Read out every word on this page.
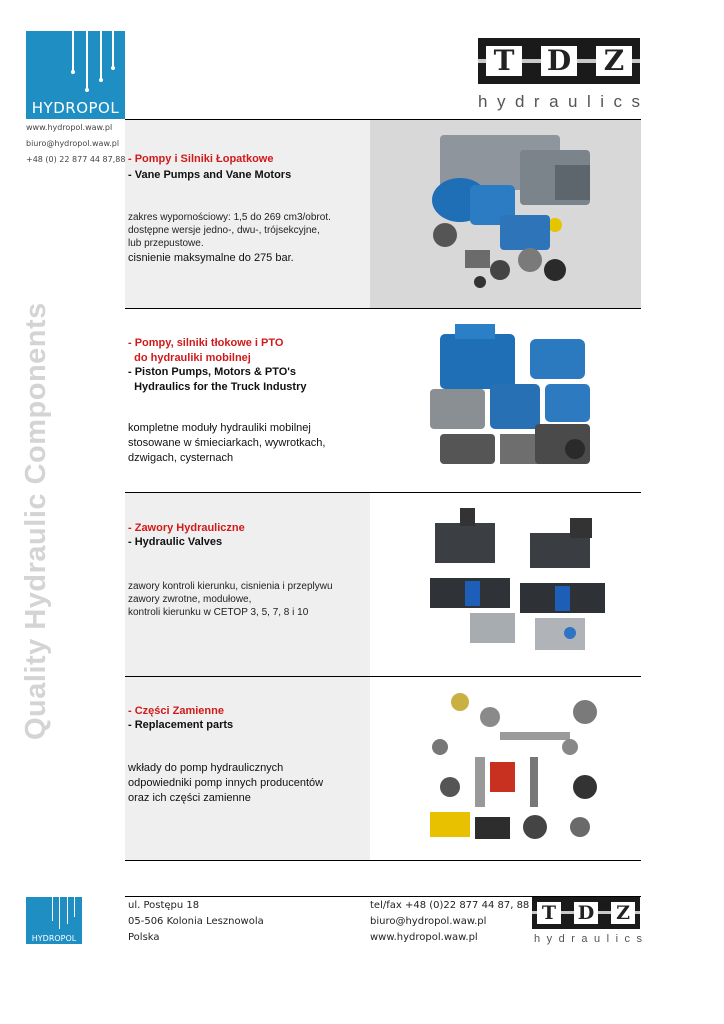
HYDROPOL
www.hydropol.waw.pl
biuro@hydropol.waw.pl
+48 (0) 22 877 44 87,88
T D Z
hydraulics
Quality Hydraulic Components
- Pompy i Silniki Łopatkowe
- Vane Pumps and Vane Motors
zakres wypornościowy: 1,5 do 269 cm3/obrot.
dostępne wersje jedno-, dwu-, trójsekcyjne,
lub przepustowe.
cisnienie maksymalne do 275 bar.
- Pompy, silniki tłokowe i PTO
do hydrauliki mobilnej
- Piston Pumps, Motors & PTO's
Hydraulics for the Truck Industry
kompletne moduły hydrauliki mobilnej
stosowane w śmieciarkach, wywrotkach,
dzwigach, cysternach
- Zawory Hydrauliczne
- Hydraulic Valves
zawory kontroli kierunku, cisnienia i przeplywu
zawory zwrotne, modułowe,
kontroli kierunku w CETOP 3, 5, 7, 8 i 10
- Części Zamienne
- Replacement parts
wkłady do pomp hydraulicznych
odpowiedniki pomp innych producentów
oraz ich części zamienne
HYDROPOL
ul. Postępu 18
05-506 Kolonia Lesznowola
Polska
tel/fax +48 (0)22 877 44 87, 88
biuro@hydropol.waw.pl
www.hydropol.waw.pl
T D Z
hydraulics
